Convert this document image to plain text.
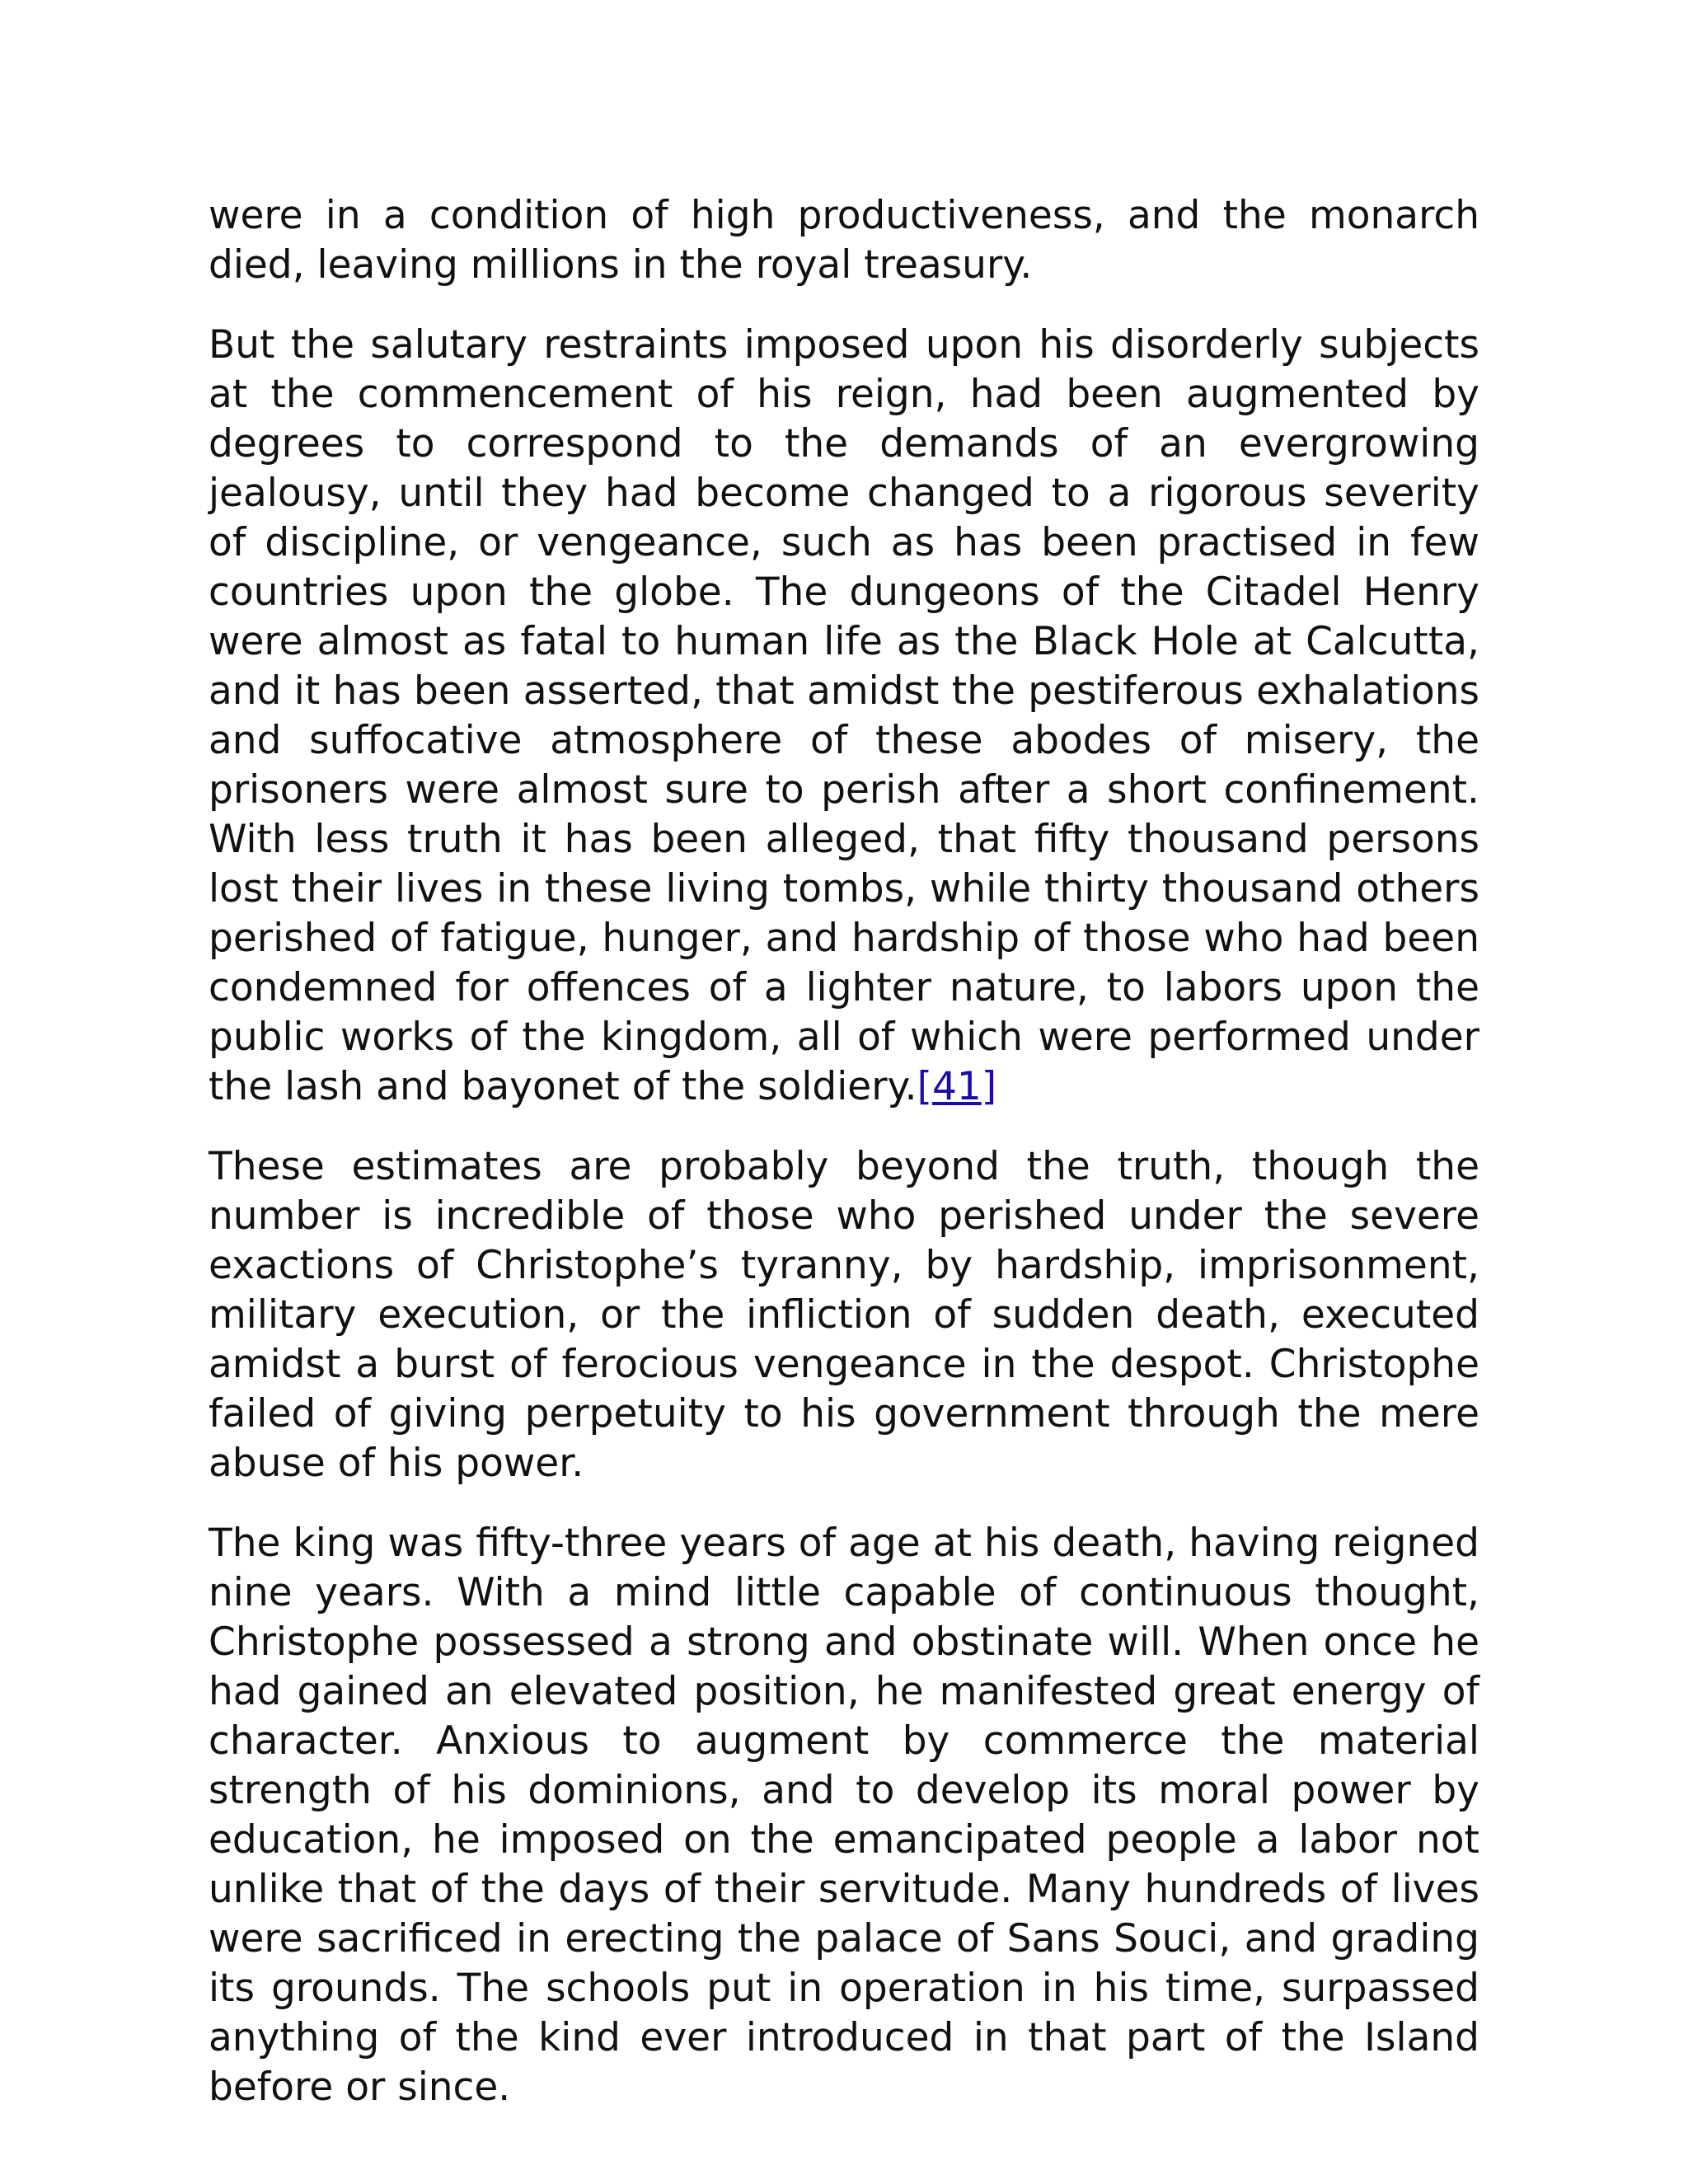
were in a condition of high productiveness, and the monarch died, leaving millions in the royal treasury.

But the salutary restraints imposed upon his disorderly subjects at the commencement of his reign, had been augmented by degrees to correspond to the demands of an evergrowing jealousy, until they had become changed to a rigorous severity of discipline, or vengeance, such as has been practised in few countries upon the globe. The dungeons of the Citadel Henry were almost as fatal to human life as the Black Hole at Calcutta, and it has been asserted, that amidst the pestiferous exhalations and suffocative atmosphere of these abodes of misery, the prisoners were almost sure to perish after a short confinement. With less truth it has been alleged, that fifty thousand persons lost their lives in these living tombs, while thirty thousand others perished of fatigue, hunger, and hardship of those who had been condemned for offences of a lighter nature, to labors upon the public works of the kingdom, all of which were performed under the lash and bayonet of the soldiery.[41]

These estimates are probably beyond the truth, though the number is incredible of those who perished under the severe exactions of Christophe’s tyranny, by hardship, imprisonment, military execution, or the infliction of sudden death, executed amidst a burst of ferocious vengeance in the despot. Christophe failed of giving perpetuity to his government through the mere abuse of his power.

The king was fifty-three years of age at his death, having reigned nine years. With a mind little capable of continuous thought, Christophe possessed a strong and obstinate will. When once he had gained an elevated position, he manifested great energy of character. Anxious to augment by commerce the material strength of his dominions, and to develop its moral power by education, he imposed on the emancipated people a labor not unlike that of the days of their servitude. Many hundreds of lives were sacrificed in erecting the palace of Sans Souci, and grading its grounds. The schools put in operation in his time, surpassed anything of the kind ever introduced in that part of the Island before or since.
